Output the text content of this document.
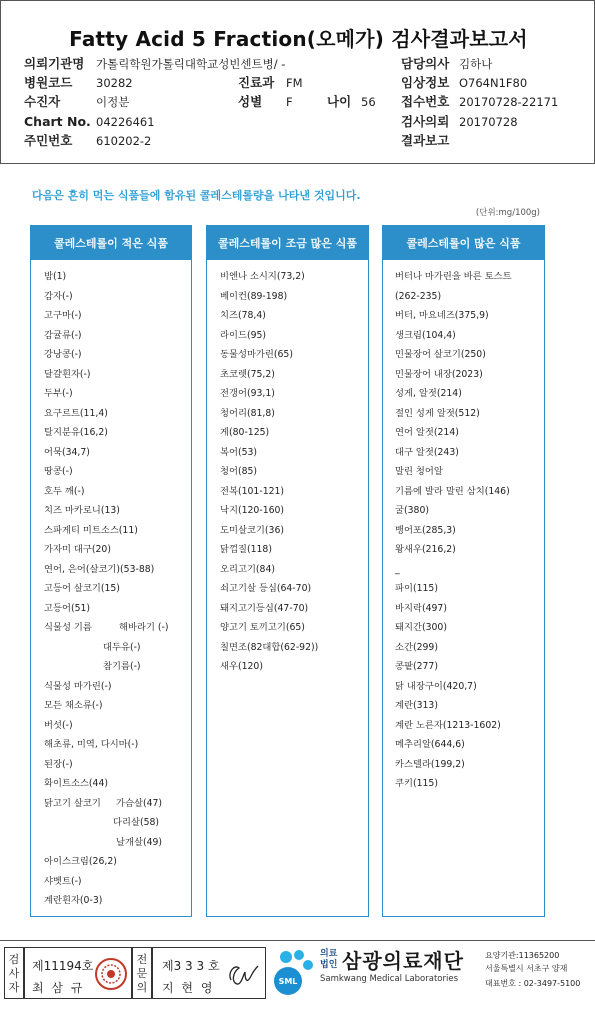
Fatty Acid 5 Fraction(오메가) 검사결과보고서
의뢰기관명 가톨릭학원가톨릭대학교성빈센트병/ -	담당의사 김하나
병원코드 30282	진료과 FM	임상정보 O764N1F80
수진자	이정분	성별 F	나이 56 접수번호 20170728-22171
Chart No. 04226461	검사의뢰 20170728
주민번호 610202-2	결과보고
다음은 흔히 먹는 식품들에 함유된 콜레스테롤량을 나타낸 것입니다.
(단위:mg/100g)
콜레스테롤이 적은 식품
밤(1)
감자(-)
고구마(-)
감귤류(-)
강낭콩(-)
달걀흰자(-)
두부(-)
요구르트(11,4)
탈지분유(16,2)
어묵(34,7)
땅콩(-)
호두 깨(-)
치즈 마카로니(13)
스파게티 미트소스(11)
가자미 대구(20)
연어, 은어(살코기)(53-88)
고등어 살코기(15)
고등어(51)
식물성 기름	해바라기 (-)
대두유(-)
참기름(-)
식물성 마가린(-)
모든 채소류(-)
버섯(-)
해초류, 미역, 다시마(-)
된장(-)
화이트소스(44)
닭고기 살코기 가슴살(47)
다리살(58)
날개살(49)
아이스크림(26,2)
샤벳트(-)
계란흰자(0-3)
콜레스테롤이 조금 많은 식품
비엔나 소시지(73,2)
베이컨(89-198)
치즈(78,4)
라이드(95)
동물성마가린(65)
초코렛(75,2)
전갱어(93,1)
청어리(81,8)
게(80-125)
복어(53)
청어(85)
전복(101-121)
낙지(120-160)
도미살코기(36)
닭껍질(118)
오리고기(84)
쇠고기살 등심(64-70)
돼지고기등심(47-70)
양고기 토끼고기(65)
칠면조(82대합(62-92))
새우(120)
콜레스테롤이 많은 식품
버터나 마가린을 바른 토스트
(262-235)
버터, 마요네즈(375,9)
생크림(104,4)
민물장어 살코기(250)
민물장어 내장(2023)
성게, 알젓(214)
절인 성게 알젓(512)
연어 알젓(214)
대구 알젓(243)
말린 청어알
기름에 발라 말린 삼치(146)
굴(380)
뱅어포(285,3)
왕새우(216,2)
_
파이(115)
바지락(497)
돼지간(300)
소간(299)
콩팥(277)
닭 내장구이(420,7)
계란(313)
계란 노른자(1213-1602)
메추리알(644,6)
카스텔라(199,2)
쿠키(115)
검
사
자
제11194호
최 삼 규
전
문
의
제3 3 3 호
지 현 영	SML
의료
법인 삼광의료재단
Samkwang Medical Laboratories
요양기관:11365200
서울특별시 서초구 양재
대표번호 : 02-3497-5100
